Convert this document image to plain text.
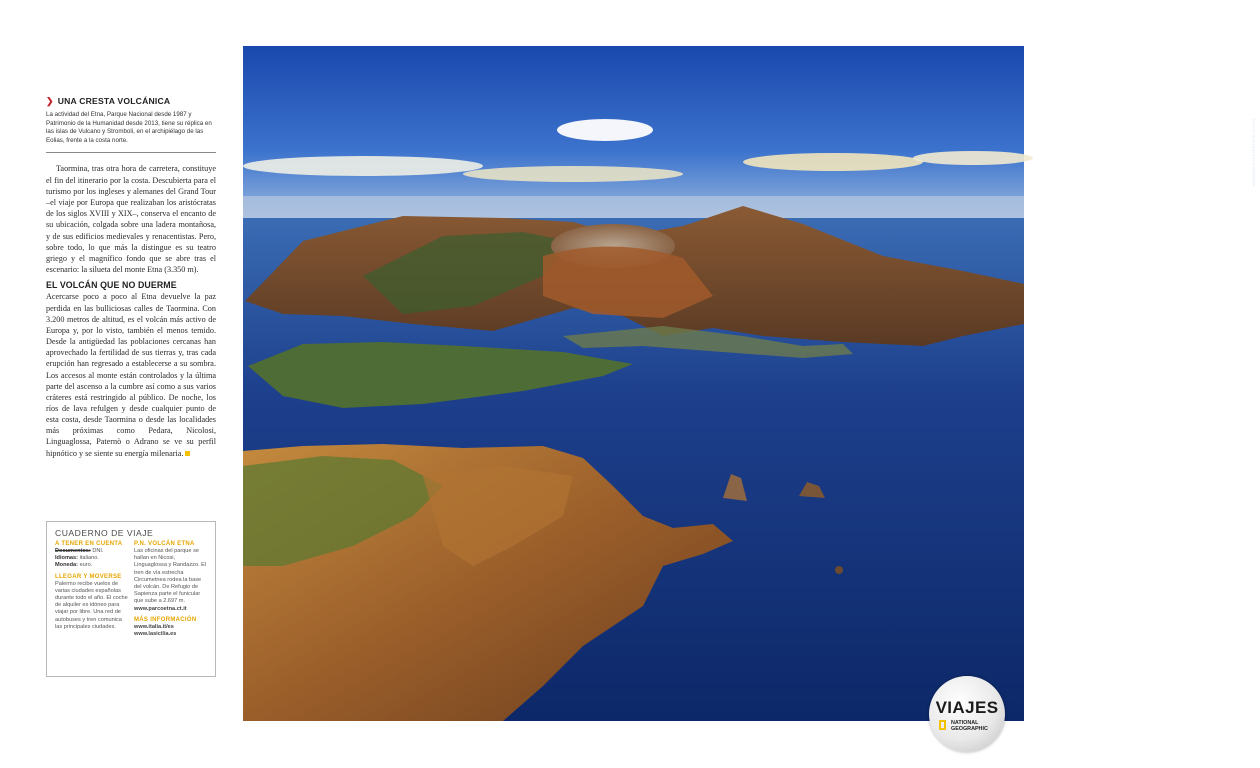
❯ UNA CRESTA VOLCÁNICA

La actividad del Etna, Parque Nacional desde 1987 y Patrimonio de la Humanidad desde 2013, tiene su réplica en las islas de Vulcano y Stromboli, en el archipiélago de las Eolias, frente a la costa norte.

Taormina, tras otra hora de carretera, constituye el fin del itinerario por la costa. Descubierta para el turismo por los ingleses y alemanes del Grand Tour –el viaje por Europa que realizaban los aristócratas de los siglos XVIII y XIX–, conserva el encanto de su ubicación, colgada sobre una ladera montañosa, y de sus edificios medievales y renacentistas. Pero, sobre todo, lo que más la distingue es su teatro griego y el magnífico fondo que se abre tras el escenario: la silueta del monte Etna (3.350 m).

EL VOLCÁN QUE NO DUERME

Acercarse poco a poco al Etna devuelve la paz perdida en las bulliciosas calles de Taormina. Con 3.200 metros de altitud, es el volcán más activo de Europa y, por lo visto, también el menos temido. Desde la antigüedad las poblaciones cercanas han aprovechado la fertilidad de sus tierras y, tras cada erupción han regresado a establecerse a su sombra. Los accesos al monte están controlados y la última parte del ascenso a la cumbre así como a sus varios cráteres está restringido al público. De noche, los ríos de lava refulgen y desde cualquier punto de esta costa, desde Taormina o desde las localidades más próximas como Pedara, Nicolosi, Linguaglossa, Paternò o Adrano se ve su perfil hipnótico y se siente su energía milenaria.

CUADERNO DE VIAJE
A TENER EN CUENTA
Documentos: DNI.
Idiomas: italiano.
Moneda: euro.
LLEGAR Y MOVERSE
Palermo recibe vuelos de varias ciudades españolas durante todo el año. El coche de alquiler es idóneo para viajar por libre. Una red de autobuses y tren comunica las principales ciudades.
P.N. VOLCÁN ETNA
Las oficinas del parque se hallan en Nicosi, Linguaglossa y Randazzo. El tren de vía estrecha Circumetnea rodea la base del volcán. De Refugio de Sapienza parte el funicular que sube a 2.697 m.
www.parcoetna.ct.it
MÁS INFORMACIÓN
www.italia.it/es
www.lasicilia.es
MASSIMO RIPANI/FOTOTECA 9X12
VIAJES
NATIONAL
GEOGRAPHIC
